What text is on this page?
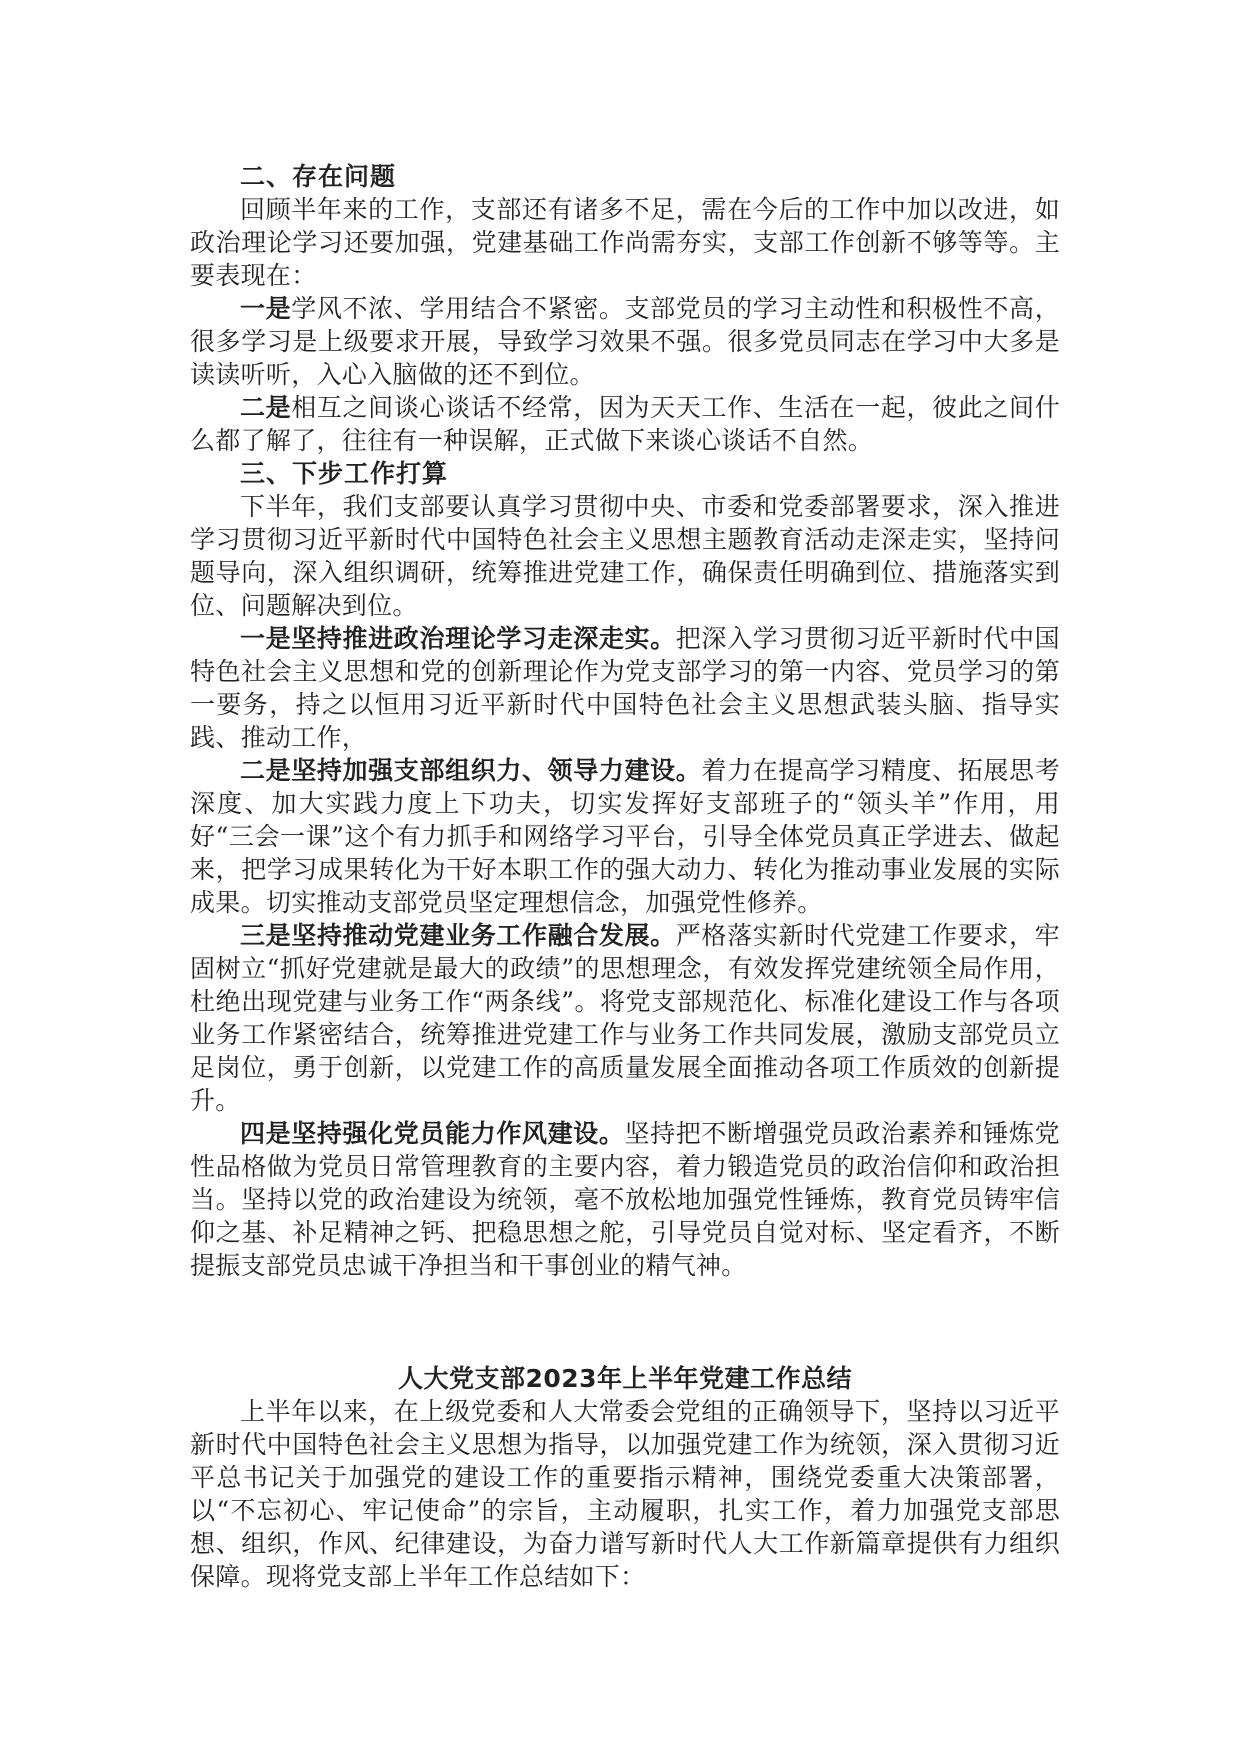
二、存在问题

回顾半年来的工作，支部还有诸多不足，需在今后的工作中加以改进，如政治理论学习还要加强，党建基础工作尚需夯实，支部工作创新不够等等。主要表现在：

一是学风不浓、学用结合不紧密。支部党员的学习主动性和积极性不高，很多学习是上级要求开展，导致学习效果不强。很多党员同志在学习中大多是读读听听，入心入脑做的还不到位。

二是相互之间谈心谈话不经常，因为天天工作、生活在一起，彼此之间什么都了解了，往往有一种误解，正式做下来谈心谈话不自然。

三、下步工作打算

下半年，我们支部要认真学习贯彻中央、市委和党委部署要求，深入推进学习贯彻习近平新时代中国特色社会主义思想主题教育活动走深走实，坚持问题导向，深入组织调研，统筹推进党建工作，确保责任明确到位、措施落实到位、问题解决到位。

一是坚持推进政治理论学习走深走实。把深入学习贯彻习近平新时代中国特色社会主义思想和党的创新理论作为党支部学习的第一内容、党员学习的第一要务，持之以恒用习近平新时代中国特色社会主义思想武装头脑、指导实践、推动工作，

二是坚持加强支部组织力、领导力建设。着力在提高学习精度、拓展思考深度、加大实践力度上下功夫，切实发挥好支部班子的“领头羊”作用，用好“三会一课”这个有力抓手和网络学习平台，引导全体党员真正学进去、做起来，把学习成果转化为干好本职工作的强大动力、转化为推动事业发展的实际成果。切实推动支部党员坚定理想信念，加强党性修养。

三是坚持推动党建业务工作融合发展。严格落实新时代党建工作要求，牢固树立“抓好党建就是最大的政绩”的思想理念，有效发挥党建统领全局作用，杜绝出现党建与业务工作“两条线”。将党支部规范化、标准化建设工作与各项业务工作紧密结合，统筹推进党建工作与业务工作共同发展，激励支部党员立足岗位，勇于创新，以党建工作的高质量发展全面推动各项工作质效的创新提升。

四是坚持强化党员能力作风建设。坚持把不断增强党员政治素养和锤炼党性品格做为党员日常管理教育的主要内容，着力锻造党员的政治信仰和政治担当。坚持以党的政治建设为统领，毫不放松地加强党性锤炼，教育党员铸牢信仰之基、补足精神之钙、把稳思想之舵，引导党员自觉对标、坚定看齐，不断提振支部党员忠诚干净担当和干事创业的精气神。

人大党支部2023年上半年党建工作总结

上半年以来，在上级党委和人大常委会党组的正确领导下，坚持以习近平新时代中国特色社会主义思想为指导，以加强党建工作为统领，深入贯彻习近平总书记关于加强党的建设工作的重要指示精神，围绕党委重大决策部署，以“不忘初心、牢记使命”的宗旨，主动履职，扎实工作，着力加强党支部思想、组织，作风、纪律建设，为奋力谱写新时代人大工作新篇章提供有力组织保障。现将党支部上半年工作总结如下：
